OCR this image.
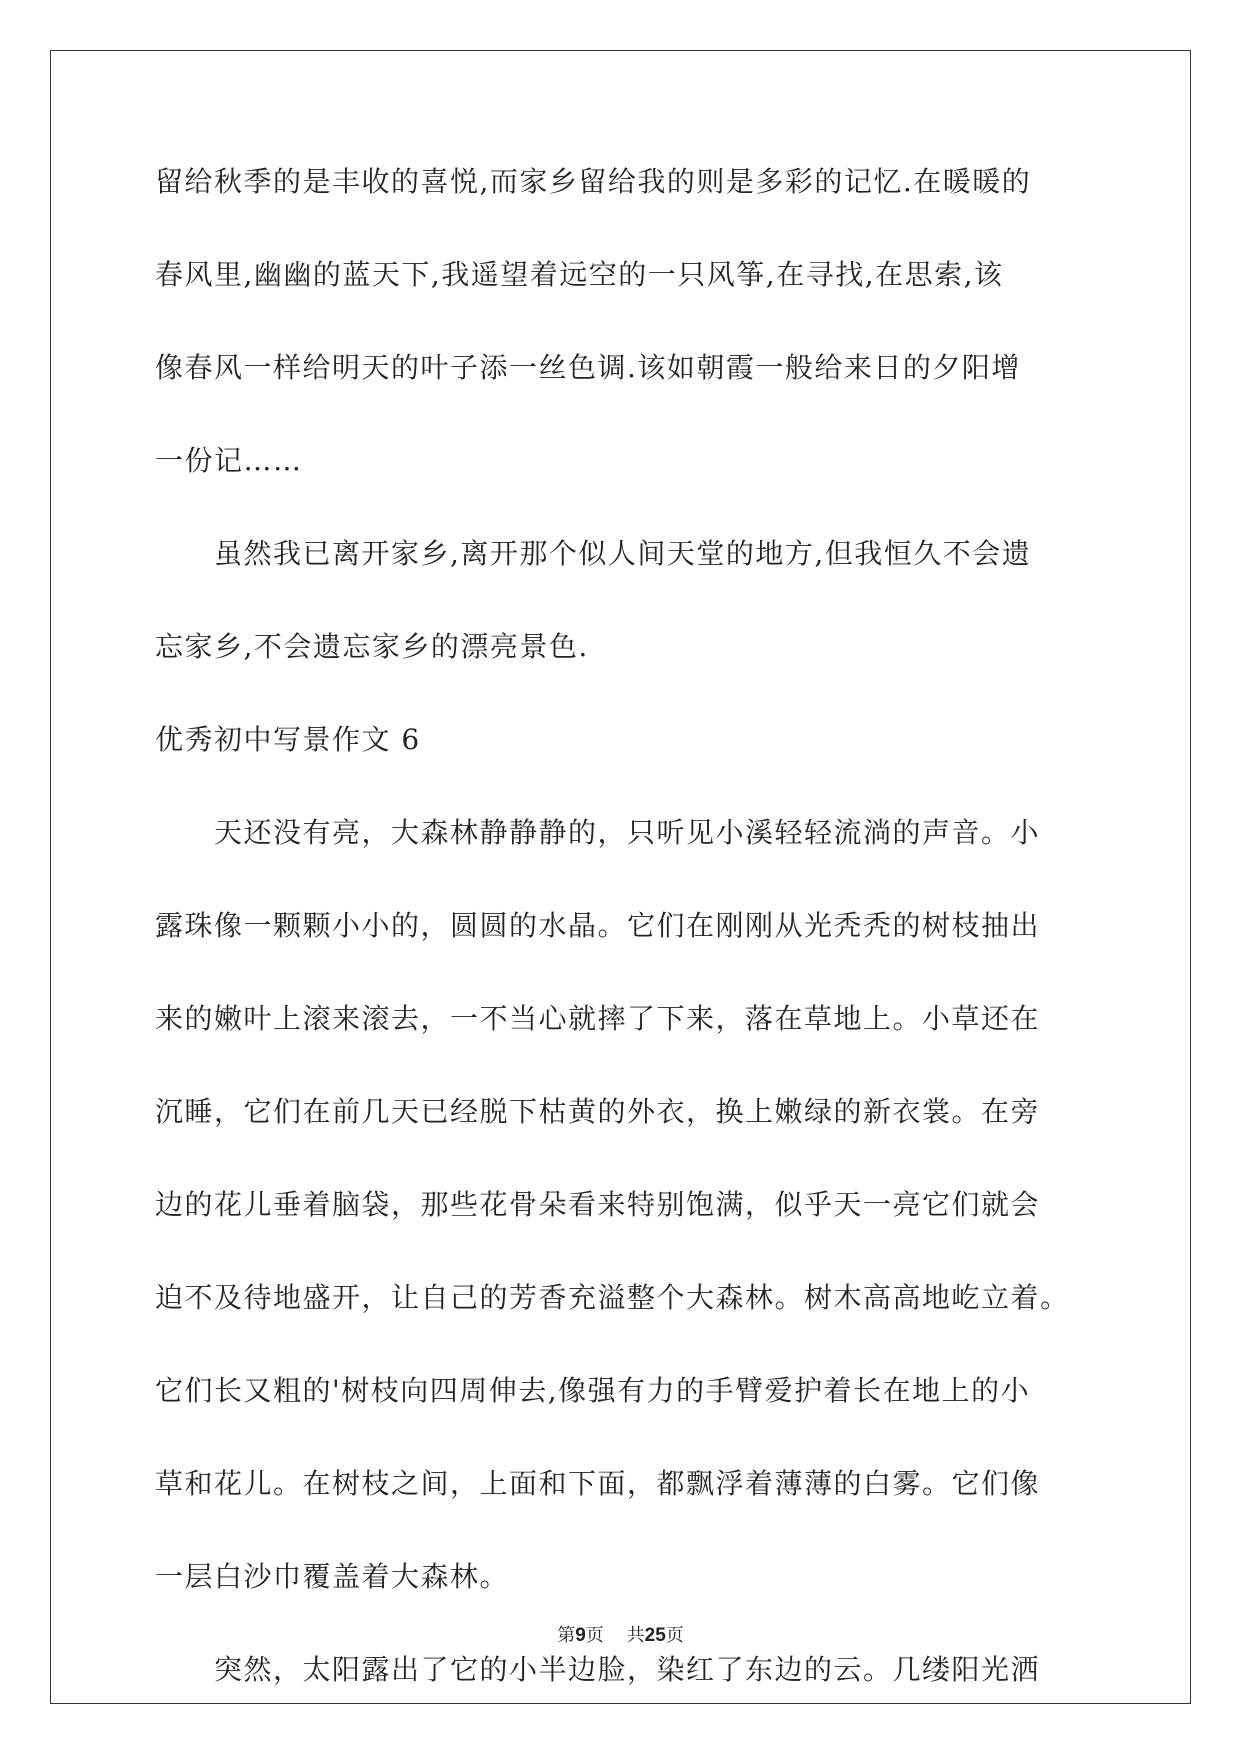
留给秋季的是丰收的喜悦,而家乡留给我的则是多彩的记忆.在暖暖的
春风里,幽幽的蓝天下,我遥望着远空的一只风筝,在寻找,在思索,该
像春风一样给明天的叶子添一丝色调.该如朝霞一般给来日的夕阳增
一份记……
　　虽然我已离开家乡,离开那个似人间天堂的地方,但我恒久不会遗
忘家乡,不会遗忘家乡的漂亮景色.
优秀初中写景作文 6
　　天还没有亮，大森林静静静的，只听见小溪轻轻流淌的声音。小
露珠像一颗颗小小的，圆圆的水晶。它们在刚刚从光秃秃的树枝抽出
来的嫩叶上滚来滚去，一不当心就摔了下来，落在草地上。小草还在
沉睡，它们在前几天已经脱下枯黄的外衣，换上嫩绿的新衣裳。在旁
边的花儿垂着脑袋，那些花骨朵看来特别饱满，似乎天一亮它们就会
迫不及待地盛开，让自己的芳香充溢整个大森林。树木高高地屹立着。
它们长又粗的'树枝向四周伸去,像强有力的手臂爱护着长在地上的小
草和花儿。在树枝之间，上面和下面，都飘浮着薄薄的白雾。它们像
一层白沙巾覆盖着大森林。
　　突然，太阳露出了它的小半边脸，染红了东边的云。几缕阳光洒
第9页 共25页
